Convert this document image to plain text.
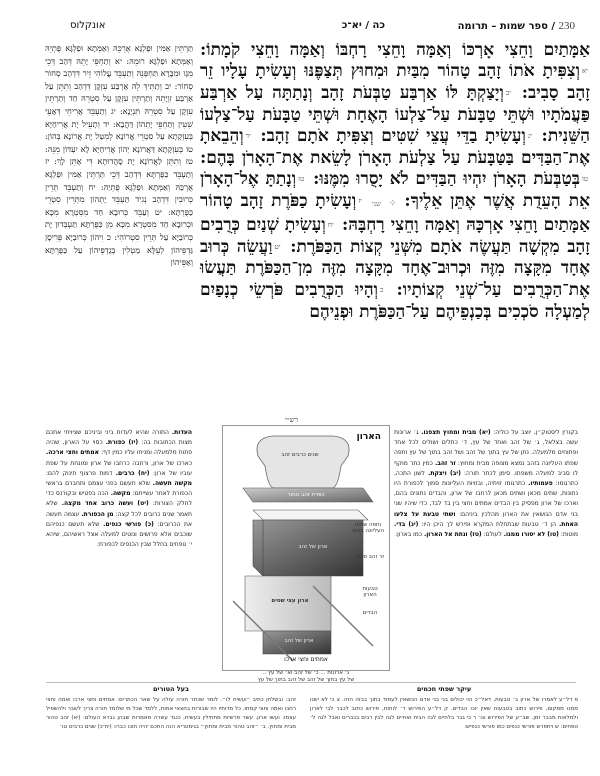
230 / ספר שמות – תרומה
כה / יא־כ
אונקלוס
אַמָּתַיִם וָחֵצִי אָרְכּוֹ וְאַמָּה וָחֵצִי רָחְבּוֹ וְאַמָּה וָחֵצִי קֹמָתוֹ: יאוְצִפִּיתָ אֹתוֹ זָהָב טָהוֹר מִבַּיִת וּמִחוּץ תְּצַפֶּנּוּ וְעָשִׂיתָ עָלָיו זֵר זָהָב סָבִיב: יבוְיָצַקְתָּ לּוֹ אַרְבַּע טַבְּעֹת זָהָב וְנָתַתָּה עַל אַרְבַּע פַּעֲמֹתָיו וּשְׁתֵּי טַבָּעֹת עַל־צַלְעוֹ הָאֶחָת וּשְׁתֵּי טַבָּעֹת עַל־צַלְעוֹ הַשֵּׁנִית: יגוְעָשִׂיתָ בַדֵּי עֲצֵי שִׁטִּים וְצִפִּיתָ אֹתָם זָהָב: ידוְהֵבֵאתָ אֶת־הַבַּדִּים בַּטַּבָּעֹת עַל צַלְעֹת הָאָרֹן לָשֵׂאת אֶת־הָאָרֹן בָּהֶם: טובְּטַבְּעֹת הָאָרֹן יִהְיוּ הַבַּדִּים לֹא יָסֻרוּ מִמֶּנּוּ: טזוְנָתַתָּ אֶל־הָאָרֹן אֵת הָעֵדֻת אֲשֶׁר אֶתֵּן אֵלֶיךָ: ⁘ שני יזוְעָשִׂיתָ כַפֹּרֶת זָהָב טָהוֹר אַמָּתַיִם וָחֵצִי אָרְכָּהּ וְאַמָּה וָחֵצִי רָחְבָּהּ: יחוְעָשִׂיתָ שְׁנַיִם כְּרֻבִים זָהָב מִקְשָׁה תַּעֲשֶׂה אֹתָם מִשְּׁנֵי קְצוֹת הַכַּפֹּרֶת: יטוַעֲשֵׂה כְּרוּב אֶחָד מִקָּצָה מִזֶּה וּכְרוּב־אֶחָד מִקָּצָה מִזֶּה מִן־הַכַּפֹּרֶת תַּעֲשׂוּ אֶת־הַכְּרֻבִים עַל־שְׁנֵי קְצוֹתָיו: כוְהָיוּ הַכְּרֻבִים פֹּרְשֵׂי כְנָפַיִם לְמַעְלָה סֹכְכִים בְּכַנְפֵיהֶם עַל־הַכַּפֹּרֶת וּפְנֵיהֶם
תַּרְתֵּין אַמִּין וּפַלְגָּא אֻרְכֵּהּ וְאַמְּתָא וּפַלְגָּא פֻּתְיֵהּ וְאַמְּתָא וּפַלְגָּא רוּמֵהּ: יא וְתַחְפֵּי יָתֵהּ דְּהַב דְּכֵי מִגָּו וּמִבָּרָא תַּחְפְּנֵהּ וְתַעְבֵּד עֲלוֹהִי זֵיר דִּדְהַב סְחוֹר סְחוֹר: יב וְתַתִּיךְ לֵהּ אַרְבַּע עִזְקָן דִּדְהַב וְתִתֵּן עַל אַרְבַּע זִוְיָתֵהּ וְתַרְתֵּין עִזְקָן עַל סִטְרֵהּ חַד וְתַרְתֵּין עִזְקָן עַל סִטְרֵהּ תִּנְיָנָא: יג וְתַעְבֵּד אֲרִיחֵי דְּאָעֵי שִׁטִּין וְתַחְפֵּי יָתְהוֹן דַּהֲבָא: יד וְתָעֵיל יָת אֲרִיחַיָּא בְּעִזְקָתָא עַל סִטְרֵי אֲרוֹנָא לְמִטַּל יָת אֲרוֹנָא בְּהוֹן: טו בְּעִזְקָתָא דַּאֲרוֹנָא יְהוֹן אֲרִיחַיָּא לָא יִעְדּוֹן מִנֵּהּ: טז וְתִתֵּן לַאֲרוֹנָא יָת סָהֲדוּתָא דִּי אֶתֵּן לָךְ: יז וְתַעְבֵּד כַּפֻּרְתָּא דִּדְהַב דְּכֵי תַּרְתֵּין אַמִּין וּפַלְגָּא אֻרְכַּהּ וְאַמְּתָא וּפַלְגָּא פֻּתְיַהּ: יח וְתַעְבֵּד תְּרֵין כְּרוּבִין דִּדְהַב נְגִיד תַּעְבֵּד יָתְהוֹן מִתְּרֵין סִטְרֵי כַּפֻּרְתָּא: יט וְעַבֵּד כְּרוּבָא חַד מִסִּטְרָא מִכָּא וּכְרוּבָא חַד מִסִּטְרָא מִכָּא מִן כַּפֻּרְתָּא תַּעְבְּדוּן יָת כְּרוּבַיָּא עַל תְּרֵין סִטְרוֹהִי: כ וִיהוֹן כְּרוּבַיָּא פְּרִיסָן גַּדְפֵּיהוֹן לְעֵלָּא מַטְלִין בְּגַדְפֵּיהוֹן עַל כַּפֻּרְתָּא וְאַפֵּיהוֹן
רש״י
בקורין ליסטוק״ן, יוצב על כוליה: (יא) מבית ומחוץ תצפנו. ג׳ ארונות עשה בצלאל, ג׳ של זהב ואחד של עץ, ד׳ כתלים ושולים לכל אחד ופתוחים מלמעלה. נתן של עץ בתוך של זהב ושל זהב בתוך של עץ וחפה שפתו העליונה בזהב נמצא מצופה מבית ומחוץ: זר זהב. כמין כתר מוקף לו סביב למעלה משפתו. סימן לכתר תורה: (יב) ויצקת. לשון התכה, כתרגומו: פעמותיו. כתרגומו זויתיה, ובזויות העליונות סמוך לכפורת היו נתונות, שתים מכאן ושתים מכאן לרחבו של ארון, והבדים נתונים בהם, וארכו של ארון מפסיק בין הבדים אמתים וחצי בין בד לבד, כדי שיהיו שני בני אדם הנושאין את הארון מהלכין ביניהם: ושתי טבעת על צלעו האחת. הן ד׳ טבעות שבתחלת המקרא ופירש לך היכן היו: (יג) בדי. מוטות: (טו) לא יסורו ממנו. לעולם: (טז) ונתת אל הארון. כמו בארון:
העדות. התורה שהיא לעדות ביני וביניכם שציויתי אתכם מצות הכתובות בה: (יז) כפורת. כסוי על הארון, שהיה פתוח מלמעלה ומניחו עליו כמין דף: אמתים וחצי ארכה. כארכו של ארון, ורחבה כרחבו של ארון ומונחת על שפת עוביו של ארון: (יח) כרבים. דמות פרצוף תינוק להם: מקשה תעשה. שלא תעשם בפני עצמם ותחברם בראשי הכפורת לאחר עשייתם: מקשה. הכה בפטיש ובקורנס כדי לחלק הצורות: (יט) ועשה כרוב אחד מקצה. שלא תאמר שנים כרובים לכל קצה: מן הכפורת. עצמה תעשה את הכרובים: (כ) פורשי כנפים. שלא תעשם כנפיהם שוכבים אלא פרושים ונוטים למעלה אצל ראשיהם, שיהא י׳ טפחים בחלל שבין הכנפים לכפורת:
הארון
שנים כרבים זהב
כפרת זהב טהור
ארון של זהב
וחפה שפתו העליונה בזהב
זר זהב סביב
ארון עצי שטים
טבעות הארון
הבדים
ארון של זהב
אמתים וחצי ארכו
ג׳ ארונות ... כ׳ של זהב וא׳ של עץ ..
של עץ בתוך של זהב של זהב בתוך של עץ
בעל הטורים
זהב: ובשלחן כתיב ״ועשית לו״. לומר שכתר תורה עולה על שאר הכתרים: אמתים וחצי ארכו ואמה וחצי רחבו ואמה וחצי קמתו. כל מדותיו היו שבורות בחצאי אמות, ללמד שכל מי שלומד תורה צריך לשבר ולהשפיל עצמו: ועשו ארון. עשר פרשיות מתחילין בעשית, כנגד עשרה מאמרות שבהן נברא העולם: (יא) זהב טהור מבית ומחוץ. ב׳ ״זהב טהור מבית ומחוץ״ בגימטריא הנה החכם יהיה תוכו כברו: (יח־כ) שנים כרבים וגו׳
עיקר שפתי חכמים
פ דל״ע לאמרו של ארון ב׳ טבעות, דאל״כ הוי יכולים בני בני אדם הנושאין לעמוד בתוך בבזה הזה. צ כי לא ישנו ממנו ממקום, פירוש כתוב בטבעות שאין יוכו הבדים. ק דל״ע הפירוש ד׳ לוחות, פירוש כתוב לכבר לבי לארון ולמלאות מבבר זמן. שב״ע של הפירוש וגו׳ ר כי גבר בלחיים לגה הבית ואחיים לגה לבין רבים בכברים ואבל לגה ל׳ טפחים: ש ויתפרש פורשי כנפים כמו פורשי כנפיש:
